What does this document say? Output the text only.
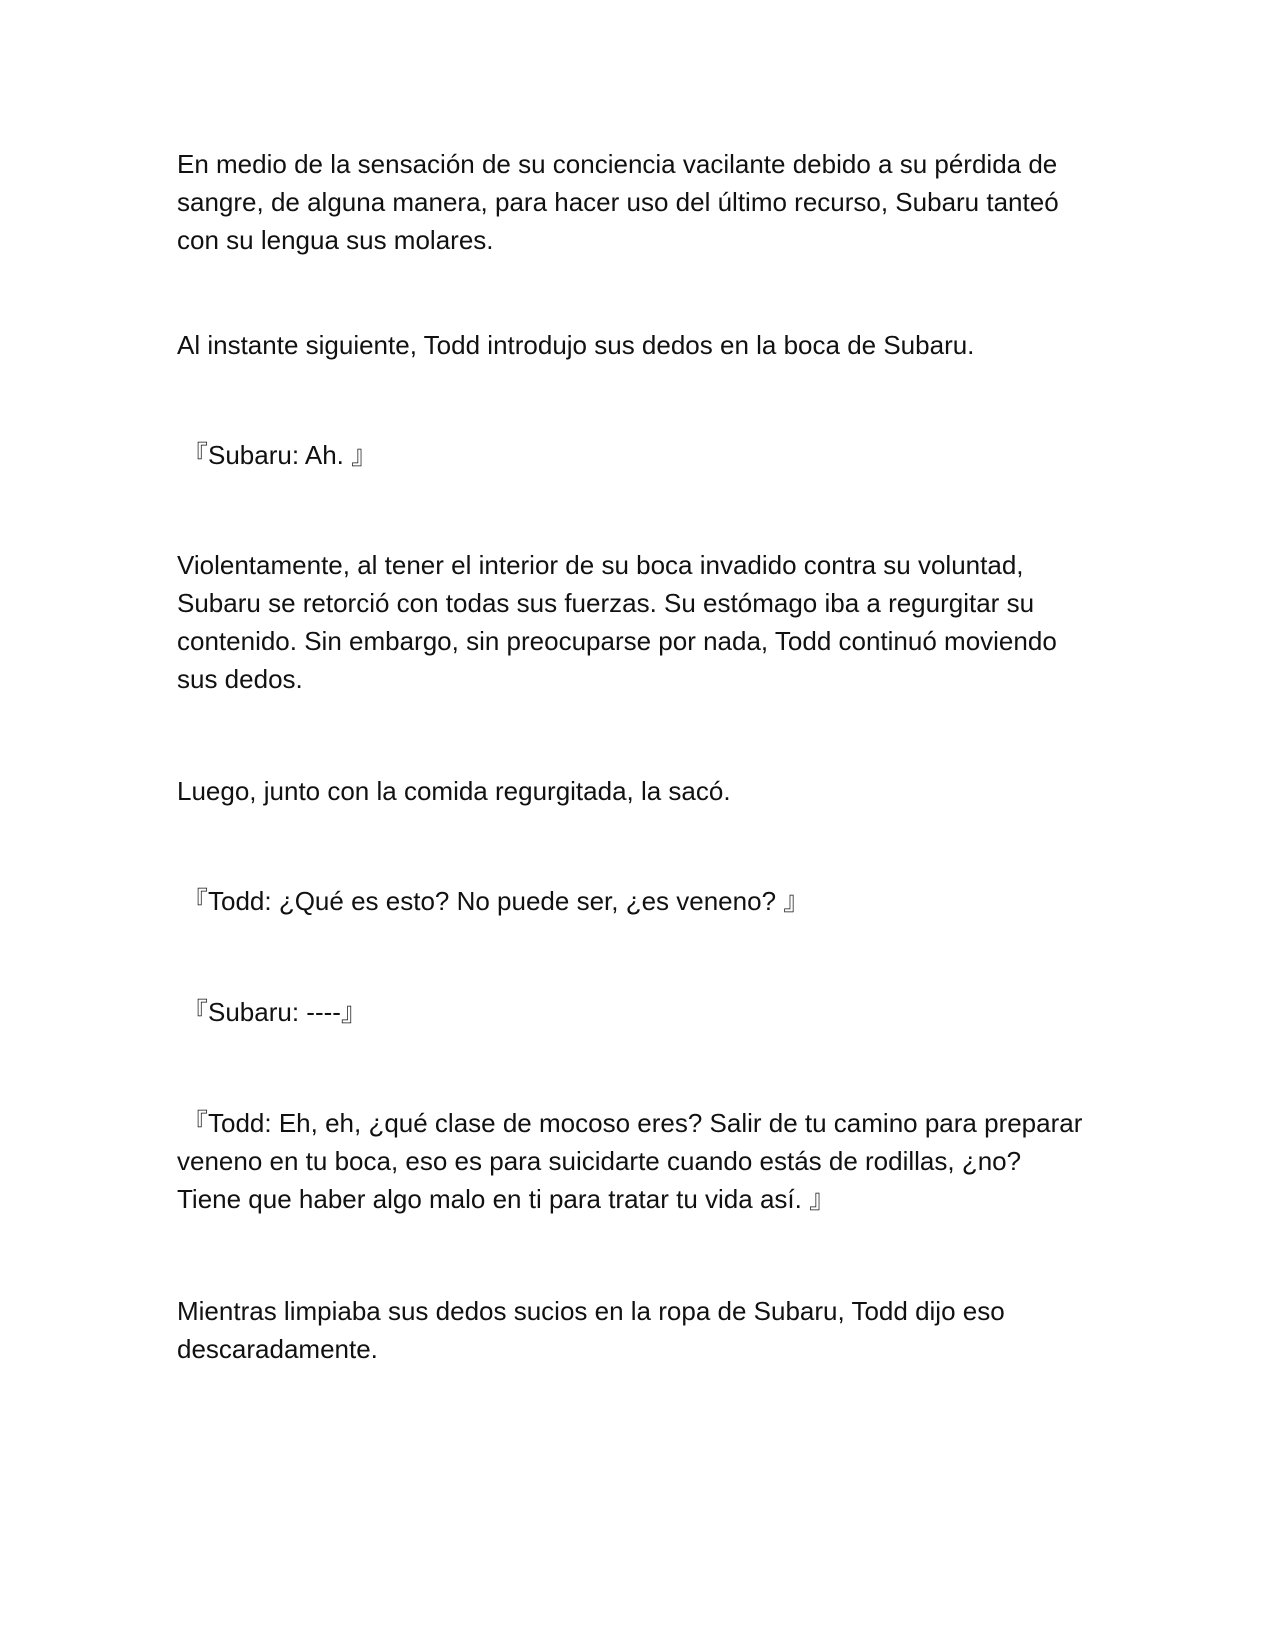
En medio de la sensación de su conciencia vacilante debido a su pérdida de
sangre, de alguna manera, para hacer uso del último recurso, Subaru tanteó
con su lengua sus molares.

Al instante siguiente, Todd introdujo sus dedos en la boca de Subaru.

『Subaru: Ah. 』

Violentamente, al tener el interior de su boca invadido contra su voluntad,
Subaru se retorció con todas sus fuerzas. Su estómago iba a regurgitar su
contenido. Sin embargo, sin preocuparse por nada, Todd continuó moviendo
sus dedos.

Luego, junto con la comida regurgitada, la sacó.

『Todd: ¿Qué es esto? No puede ser, ¿es veneno? 』

『Subaru: ----』

『Todd: Eh, eh, ¿qué clase de mocoso eres? Salir de tu camino para preparar
veneno en tu boca, eso es para suicidarte cuando estás de rodillas, ¿no?
Tiene que haber algo malo en ti para tratar tu vida así. 』

Mientras limpiaba sus dedos sucios en la ropa de Subaru, Todd dijo eso
descaradamente.
